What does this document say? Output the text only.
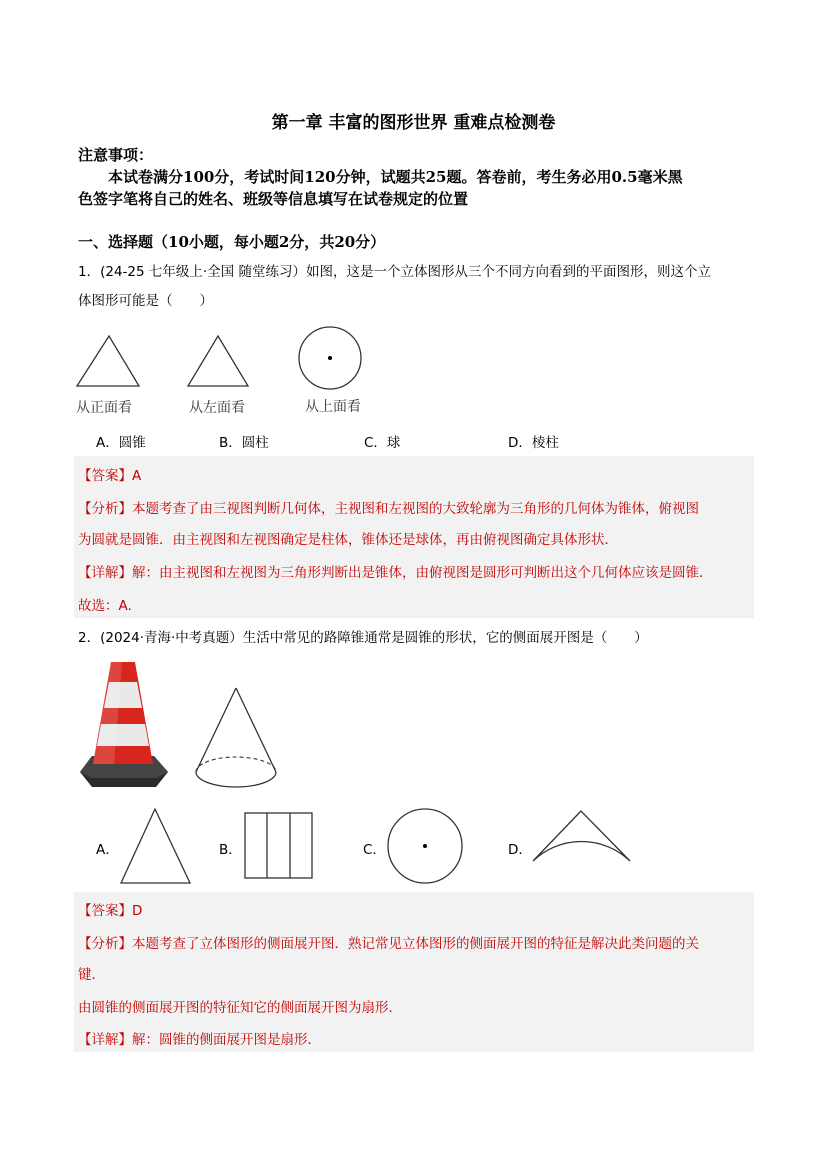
第一章 丰富的图形世界 重难点检测卷
注意事项：
本试卷满分100分，考试时间120分钟，试题共25题。答卷前，考生务必用0.5毫米黑
色签字笔将自己的姓名、班级等信息填写在试卷规定的位置
一、选择题（10小题，每小题2分，共20分）
1．(24-25 七年级上·全国 随堂练习）如图，这是一个立体图形从三个不同方向看到的平面图形，则这个立
体图形可能是（　　）
从正面看	从左面看	从上面看
A．圆锥	B．圆柱	C．球	D．棱柱
【答案】A
【分析】本题考查了由三视图判断几何体，主视图和左视图的大致轮廓为三角形的几何体为锥体，俯视图
为圆就是圆锥．由主视图和左视图确定是柱体，锥体还是球体，再由俯视图确定具体形状．
【详解】解：由主视图和左视图为三角形判断出是锥体，由俯视图是圆形可判断出这个几何体应该是圆锥．
故选：A.
2．(2024·青海·中考真题）生活中常见的路障锥通常是圆锥的形状，它的侧面展开图是（　　）
A．	B．	C．	D．
【答案】D
【分析】本题考查了立体图形的侧面展开图．熟记常见立体图形的侧面展开图的特征是解决此类问题的关
键．
由圆锥的侧面展开图的特征知它的侧面展开图为扇形．
【详解】解：圆锥的侧面展开图是扇形．
